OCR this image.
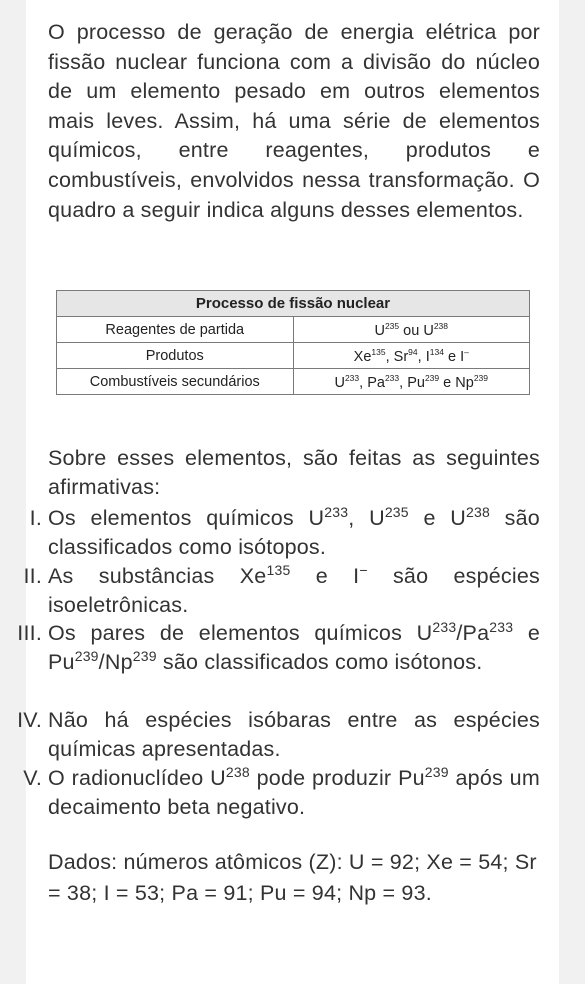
O processo de geração de energia elétrica por fissão nuclear funciona com a divisão do núcleo de um elemento pesado em outros elementos mais leves. Assim, há uma série de elementos químicos, entre reagentes, produtos e combustíveis, envolvidos nessa transformação. O quadro a seguir indica alguns desses elementos.

Processo de fissão nuclear	
Reagentes de partida	$U^{235}$ ou $U^{238}$
Produtos	Xe$^{135}$, Sr$^{94}$, $I^{134}$ e I–
Combustíveis secundários	$U^{233}$, Pa$^{233}$, Pu$^{239}$ e Np$^{239}$

Sobre esses elementos, são feitas as seguintes afirmativas:

I. Os elementos químicos $U^{233}$, $U^{235}$ e $U^{238}$ são classificados como isótopos.
II. As substâncias Xe$^{135}$ e I− são espécies isoeletrônicas.
III. Os pares de elementos químicos $U^{233}/Pa^{233}$ e Pu$^{239}$/Np$^{239}$ são classificados como isótonos.
IV. Não há espécies isóbaras entre as espécies químicas apresentadas.
V. O radionuclídeo $U^{238}$ pode produzir Pu$^{239}$ após um decaimento beta negativo.

Dados: números atômicos (Z): U = 92; Xe = 54; Sr = 38; I = 53; Pa = 91; Pu = 94; Np = 93.
